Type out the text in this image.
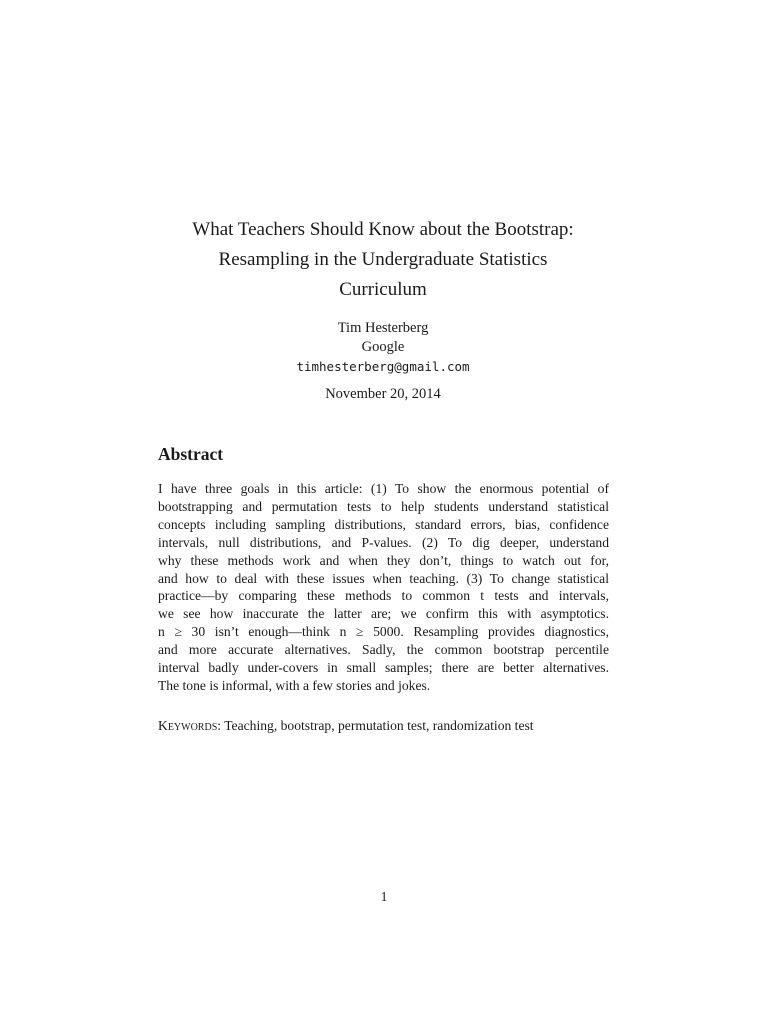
What Teachers Should Know about the Bootstrap:
Resampling in the Undergraduate Statistics
Curriculum
Tim Hesterberg
Google
timhesterberg@gmail.com
November 20, 2014
Abstract
I have three goals in this article: (1) To show the enormous potential of
bootstrapping and permutation tests to help students understand statistical
concepts including sampling distributions, standard errors, bias, confidence
intervals, null distributions, and P-values. (2) To dig deeper, understand
why these methods work and when they don’t, things to watch out for,
and how to deal with these issues when teaching. (3) To change statistical
practice—by comparing these methods to common t tests and intervals,
we see how inaccurate the latter are; we confirm this with asymptotics.
n ≥ 30 isn’t enough—think n ≥ 5000. Resampling provides diagnostics,
and more accurate alternatives. Sadly, the common bootstrap percentile
interval badly under-covers in small samples; there are better alternatives.
The tone is informal, with a few stories and jokes.
Keywords: Teaching, bootstrap, permutation test, randomization test
1
